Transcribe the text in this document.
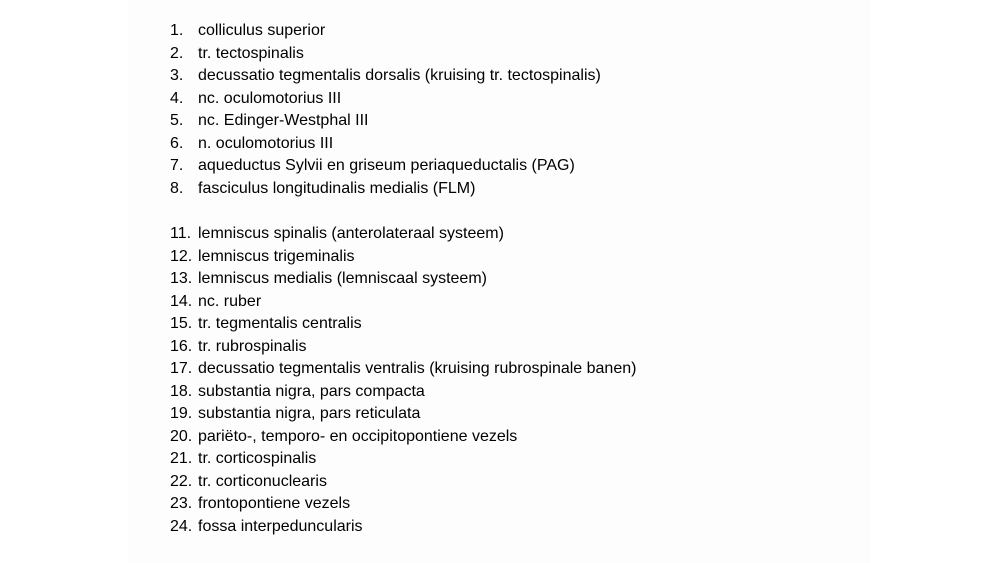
1. colliculus superior
2. tr. tectospinalis
3. decussatio tegmentalis dorsalis (kruising tr. tectospinalis)
4. nc. oculomotorius III
5. nc. Edinger-Westphal III
6. n. oculomotorius III
7. aqueductus Sylvii en griseum periaqueductalis (PAG)
8. fasciculus longitudinalis medialis (FLM)
11. lemniscus spinalis (anterolateraal systeem)
12. lemniscus trigeminalis
13. lemniscus medialis (lemniscaal systeem)
14. nc. ruber
15. tr. tegmentalis centralis
16. tr. rubrospinalis
17. decussatio tegmentalis ventralis (kruising rubrospinale banen)
18. substantia nigra, pars compacta
19. substantia nigra, pars reticulata
20. pariëto-, temporo- en occipitopontiene vezels
21. tr. corticospinalis
22. tr. corticonuclearis
23. frontopontiene vezels
24. fossa interpeduncularis
